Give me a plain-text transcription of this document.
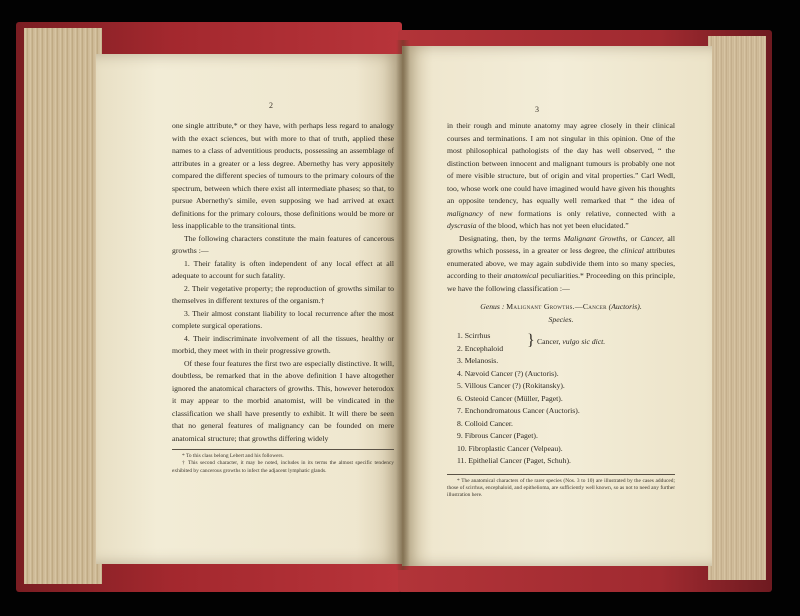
2

one single attribute,* or they have, with perhaps less regard to analogy with the exact sciences, but with more to that of truth, applied these names to a class of adventitious products, possessing an assemblage of attributes in a greater or a less degree. Abernethy has very appositely compared the different species of tumours to the primary colours of the spectrum, between which there exist all intermediate phases; so that, to pursue Abernethy's simile, even supposing we had arrived at exact definitions for the primary colours, those definitions would be more or less inapplicable to the transitional tints.

The following characters constitute the main features of cancerous growths :—

1. Their fatality is often independent of any local effect at all adequate to account for such fatality.
2. Their vegetative property; the reproduction of growths similar to themselves in different textures of the organism.†
3. Their almost constant liability to local recurrence after the most complete surgical operations.
4. Their indiscriminate involvement of all the tissues, healthy or morbid, they meet with in their progressive growth.

Of these four features the first two are especially distinctive. It will, doubtless, be remarked that in the above definition I have altogether ignored the anatomical characters of growths. This, however heterodox it may appear to the morbid anatomist, will be vindicated in the classification we shall have presently to exhibit. It will there be seen that no general features of malignancy can be founded on mere anatomical structure; that growths differing widely

* To this class belong Lebert and his followers.
† This second character, it may be noted, includes in its terms the almost specific tendency exhibited by cancerous growths to infect the adjacent lymphatic glands.
3

in their rough and minute anatomy may agree closely in their clinical courses and terminations. I am not singular in this opinion. One of the most philosophical pathologists of the day has well observed, “ the distinction between innocent and malignant tumours is probably one not of mere visible structure, but of origin and vital properties.” Carl Wedl, too, whose work one could have imagined would have given his thoughts an opposite tendency, has equally well remarked that “ the idea of malignancy of new formations is only relative, connected with a dyscrasia of the blood, which has not yet been elucidated.”

Designating, then, by the terms Malignant Growths, or Cancer, all growths which possess, in a greater or less degree, the clinical attributes enumerated above, we may again subdivide them into so many species, according to their anatomical peculiarities.* Proceeding on this principle, we have the following classification :—

Genus : Malignant Growths.—Cancer (Auctoris).
Species.
1. Scirrhus
2. Encephaloid	} Cancer, vulgo sic dict.
3. Melanosis.
4. Nævoid Cancer (?) (Auctoris).
5. Villous Cancer (?) (Rokitansky).
6. Osteoid Cancer (Müller, Paget).
7. Enchondromatous Cancer (Auctoris).
8. Colloid Cancer.
9. Fibrous Cancer (Paget).
10. Fibroplastic Cancer (Velpeau).
11. Epithelial Cancer (Paget, Schuh).
* The anatomical characters of the rarer species (Nos. 3 to 10) are illustrated by the cases adduced; those of scirrhus, encephaloid, and epithelioma, are sufficiently well known, so as not to need any further illustration here.
